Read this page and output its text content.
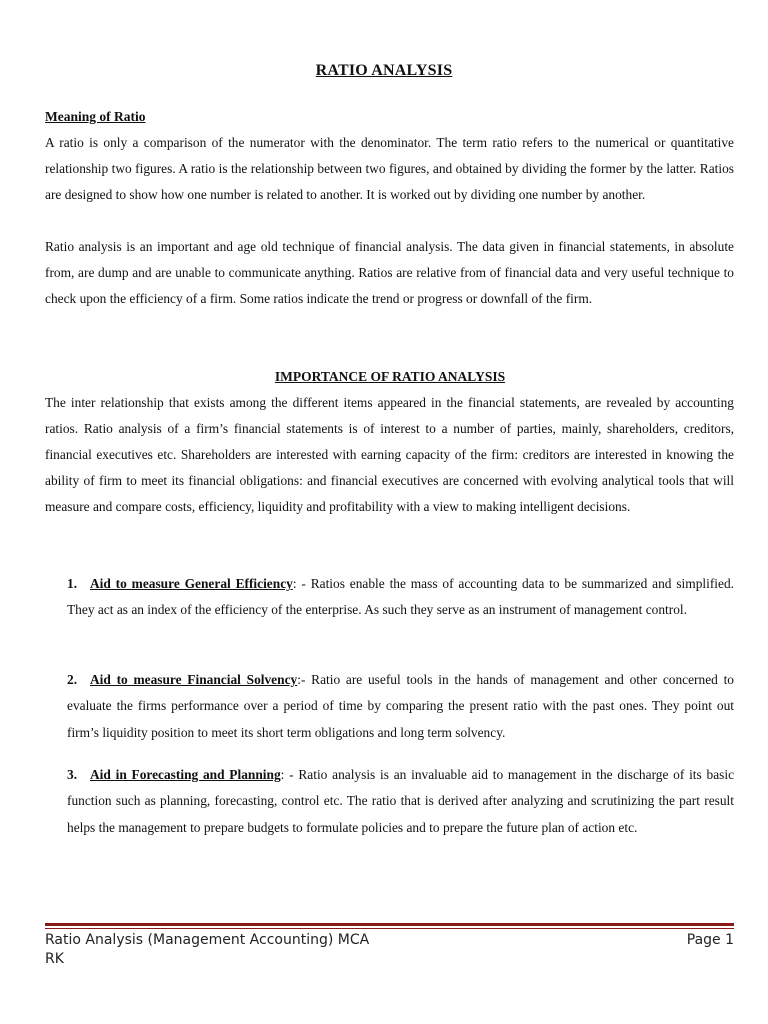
RATIO ANALYSIS
Meaning of Ratio

A ratio is only a comparison of the numerator with the denominator. The term ratio refers to the numerical or quantitative relationship two figures. A ratio is the relationship between two figures, and obtained by dividing the former by the latter. Ratios are designed to show how one number is related to another. It is worked out by dividing one number by another.

Ratio analysis is an important and age old technique of financial analysis. The data given in financial statements, in absolute from, are dump and are unable to communicate anything. Ratios are relative from of financial data and very useful technique to check upon the efficiency of a firm. Some ratios indicate the trend or progress or downfall of the firm.

IMPORTANCE OF RATIO ANALYSIS

The inter relationship that exists among the different items appeared in the financial statements, are revealed by accounting ratios. Ratio analysis of a firm’s financial statements is of interest to a number of parties, mainly, shareholders, creditors, financial executives etc. Shareholders are interested with earning capacity of the firm: creditors are interested in knowing the ability of firm to meet its financial obligations: and financial executives are concerned with evolving analytical tools that will measure and compare costs, efficiency, liquidity and profitability with a view to making intelligent decisions.

1. Aid to measure General Efficiency: - Ratios enable the mass of accounting data to be summarized and simplified. They act as an index of the efficiency of the enterprise. As such they serve as an instrument of management control.

2. Aid to measure Financial Solvency:- Ratio are useful tools in the hands of management and other concerned to evaluate the firms performance over a period of time by comparing the present ratio with the past ones. They point out firm’s liquidity position to meet its short term obligations and long term solvency.

3. Aid in Forecasting and Planning: - Ratio analysis is an invaluable aid to management in the discharge of its basic function such as planning, forecasting, control etc. The ratio that is derived after analyzing and scrutinizing the part result helps the management to prepare budgets to formulate policies and to prepare the future plan of action etc.

Ratio Analysis (Management Accounting) MCA
RK
Page 1
